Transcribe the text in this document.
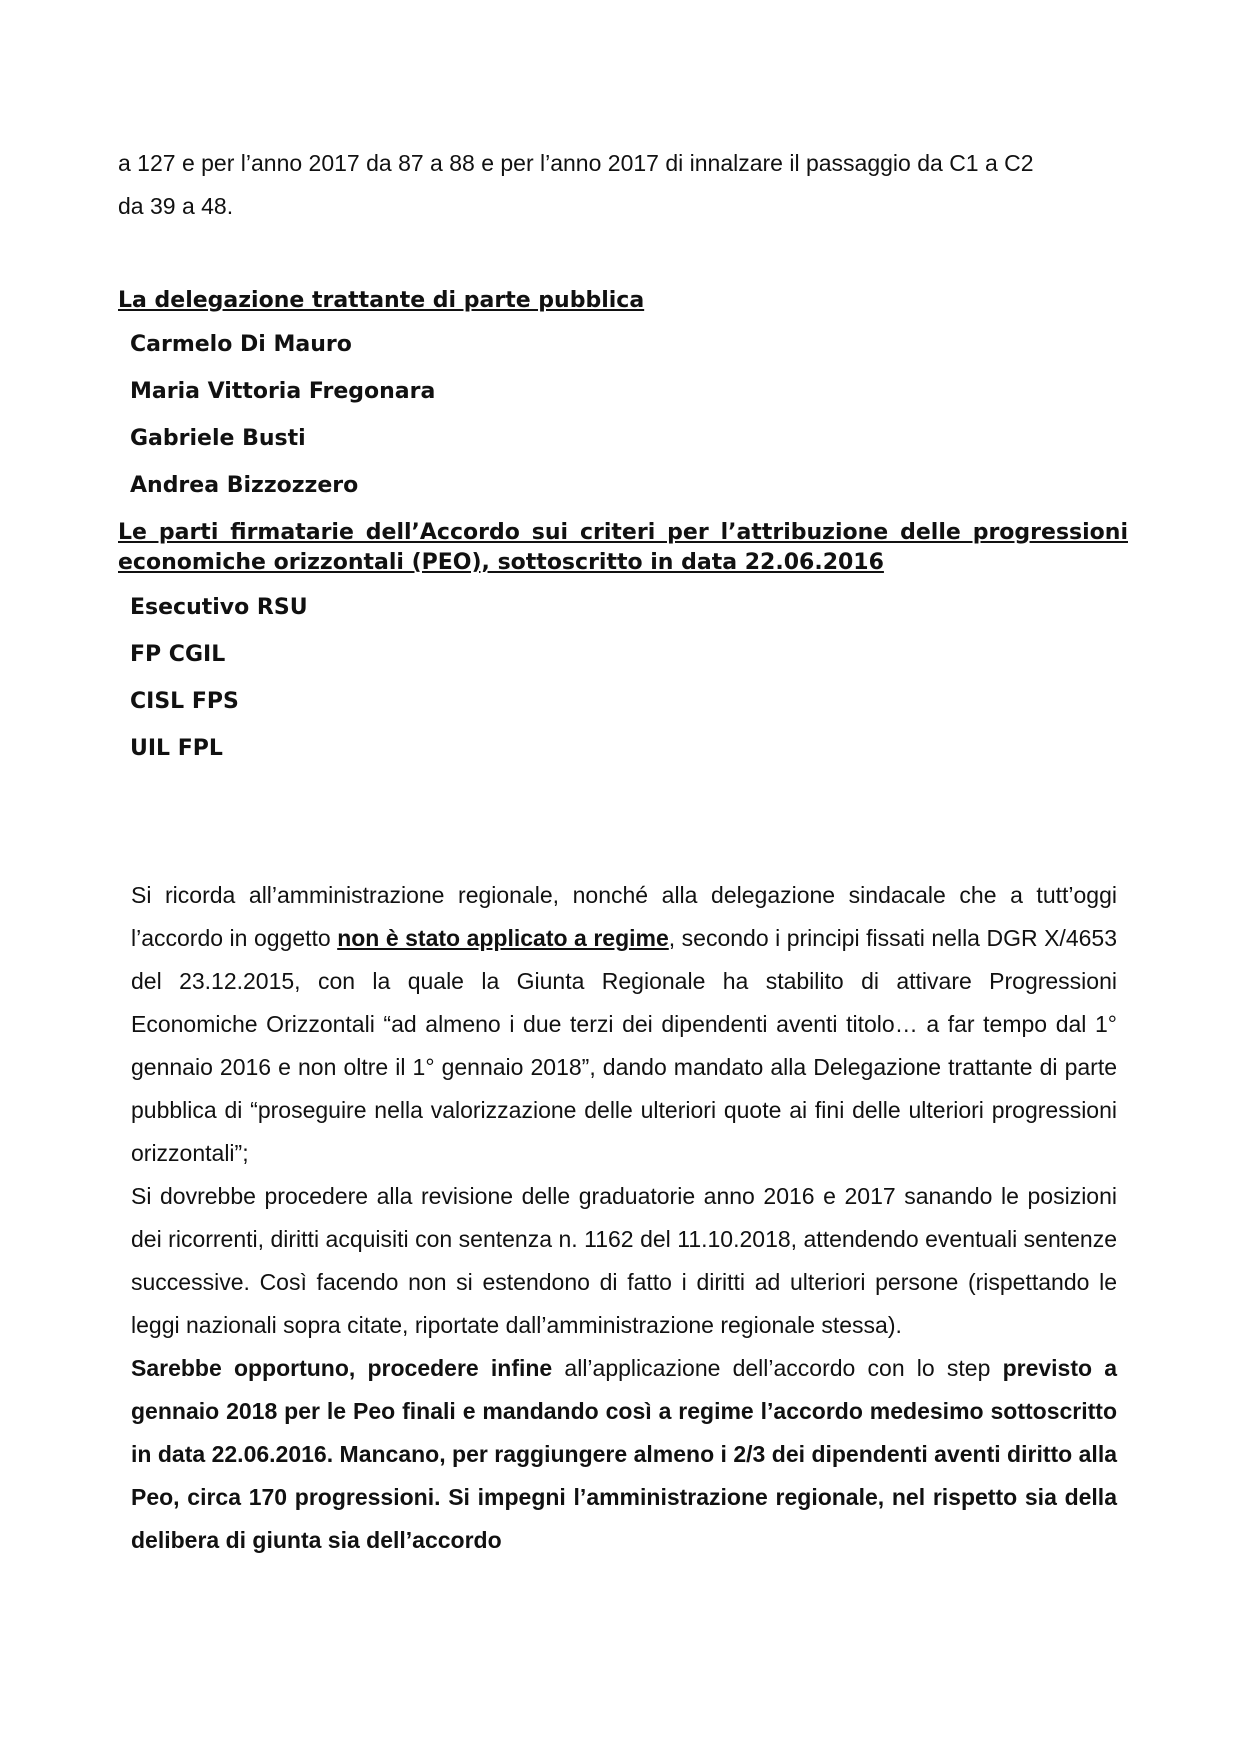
a 127 e per l’anno 2017 da 87 a 88 e per l’anno 2017 di innalzare il passaggio da C1 a C2
da 39 a 48.
La delegazione trattante di parte pubblica
Carmelo Di Mauro
Maria Vittoria Fregonara
Gabriele Busti
Andrea Bizzozzero
Le parti firmatarie dell’Accordo sui criteri per l’attribuzione delle progressioni economiche orizzontali (PEO), sottoscritto in data 22.06.2016
Esecutivo RSU
FP CGIL
CISL FPS
UIL FPL

Si ricorda all’amministrazione regionale, nonché alla delegazione sindacale che a tutt’oggi l’accordo in oggetto non è stato applicato a regime, secondo i principi fissati nella DGR X/4653 del 23.12.2015, con la quale la Giunta Regionale ha stabilito di attivare Progressioni Economiche Orizzontali “ad almeno i due terzi dei dipendenti aventi titolo… a far tempo dal 1° gennaio 2016 e non oltre il 1° gennaio 2018”, dando mandato alla Delegazione trattante di parte pubblica di “proseguire nella valorizzazione delle ulteriori quote ai fini delle ulteriori progressioni orizzontali”;

Si dovrebbe procedere alla revisione delle graduatorie anno 2016 e 2017 sanando le posizioni dei ricorrenti, diritti acquisiti con sentenza n. 1162 del 11.10.2018, attendendo eventuali sentenze successive. Così facendo non si estendono di fatto i diritti ad ulteriori persone (rispettando le leggi nazionali sopra citate, riportate dall’amministrazione regionale stessa).

Sarebbe opportuno, procedere infine all’applicazione dell’accordo con lo step previsto a gennaio 2018 per le Peo finali e mandando così a regime l’accordo medesimo sottoscritto in data 22.06.2016. Mancano, per raggiungere almeno i 2/3 dei dipendenti aventi diritto alla Peo, circa 170 progressioni. Si impegni l’amministrazione regionale, nel rispetto sia della delibera di giunta sia dell’accordo
